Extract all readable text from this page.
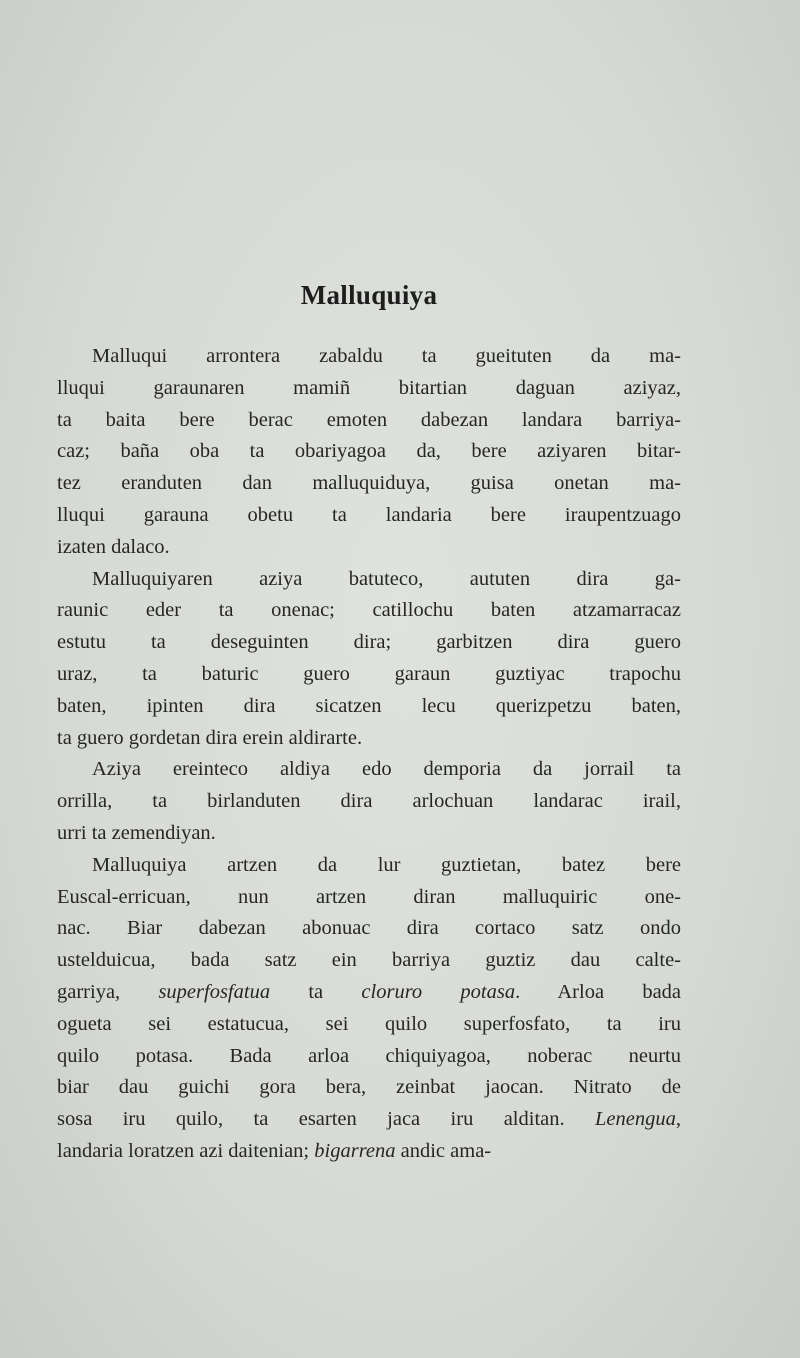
Malluquiya
Malluqui arrontera zabaldu ta gueituten da ma-
lluqui garaunaren mamiñ bitartian daguan aziyaz,
ta baita bere berac emoten dabezan landara barriya-
caz; baña oba ta obariyagoa da, bere aziyaren bitar-
tez eranduten dan malluquiduya, guisa onetan ma-
lluqui garauna obetu ta landaria bere iraupentzuago
izaten dalaco.
Malluquiyaren aziya batuteco, aututen dira ga-
raunic eder ta onenac; catillochu baten atzamarracaz
estutu ta deseguinten dira; garbitzen dira guero
uraz, ta baturic guero garaun guztiyac trapochu
baten, ipinten dira sicatzen lecu querizpetzu baten,
ta guero gordetan dira erein aldirarte.
Aziya ereinteco aldiya edo demporia da jorrail ta
orrilla, ta birlanduten dira arlochuan landarac irail,
urri ta zemendiyan.
Malluquiya artzen da lur guztietan, batez bere
Euscal-erricuan, nun artzen diran malluquiric one-
nac. Biar dabezan abonuac dira cortaco satz ondo
ustelduicua, bada satz ein barriya guztiz dau calte-
garriya, superfosfatua ta cloruro potasa. Arloa bada
ogueta sei estatucua, sei quilo superfosfato, ta iru
quilo potasa. Bada arloa chiquiyagoa, noberac neurtu
biar dau guichi gora bera, zeinbat jaocan. Nitrato de
sosa iru quilo, ta esarten jaca iru alditan. Lenengua,
landaria loratzen azi daitenian; bigarrena andic ama-
